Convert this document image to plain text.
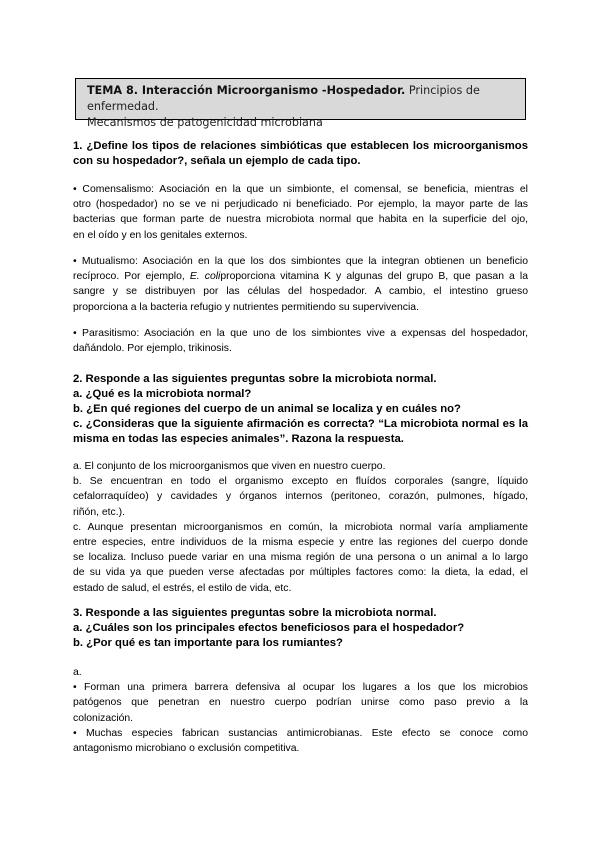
TEMA 8. Interacción Microorganismo -Hospedador. Principios de enfermedad.
Mecanismos de patogenicidad microbiana
1. ¿Define los tipos de relaciones simbióticas que establecen los microorganismos
con su hospedador?, señala un ejemplo de cada tipo.
• Comensalismo: Asociación en la que un simbionte, el comensal, se beneficia, mientras el
otro (hospedador) no se ve ni perjudicado ni beneficiado. Por ejemplo, la mayor parte de las
bacterias que forman parte de nuestra microbiota normal que habita en la superficie del ojo,
en el oído y en los genitales externos.
• Mutualismo: Asociación en la que los dos simbiontes que la integran obtienen un beneficio
recíproco. Por ejemplo, E. coliproporciona vitamina K y algunas del grupo B, que pasan a la
sangre y se distribuyen por las células del hospedador. A cambio, el intestino grueso
proporciona a la bacteria refugio y nutrientes permitiendo su supervivencia.
• Parasitismo: Asociación en la que uno de los simbiontes vive a expensas del hospedador,
dañándolo. Por ejemplo, trikinosis.
2. Responde a las siguientes preguntas sobre la microbiota normal.
a. ¿Qué es la microbiota normal?
b. ¿En qué regiones del cuerpo de un animal se localiza y en cuáles no?
c. ¿Consideras que la siguiente afirmación es correcta? “La microbiota normal es la
misma en todas las especies animales”. Razona la respuesta.
a. El conjunto de los microorganismos que viven en nuestro cuerpo.
b. Se encuentran en todo el organismo excepto en fluídos corporales (sangre, líquido
cefalorraquídeo) y cavidades y órganos internos (peritoneo, corazón, pulmones, hígado,
riñón, etc.).
c. Aunque presentan microorganismos en común, la microbiota normal varía ampliamente
entre especies, entre individuos de la misma especie y entre las regiones del cuerpo donde
se localiza. Incluso puede variar en una misma región de una persona o un animal a lo largo
de su vida ya que pueden verse afectadas por múltiples factores como: la dieta, la edad, el
estado de salud, el estrés, el estilo de vida, etc.
3. Responde a las siguientes preguntas sobre la microbiota normal.
a. ¿Cuáles son los principales efectos beneficiosos para el hospedador?
b. ¿Por qué es tan importante para los rumiantes?
a.
• Forman una primera barrera defensiva al ocupar los lugares a los que los microbios
patógenos que penetran en nuestro cuerpo podrían unirse como paso previo a la
colonización.
• Muchas especies fabrican sustancias antimicrobianas. Este efecto se conoce como
antagonismo microbiano o exclusión competitiva.
